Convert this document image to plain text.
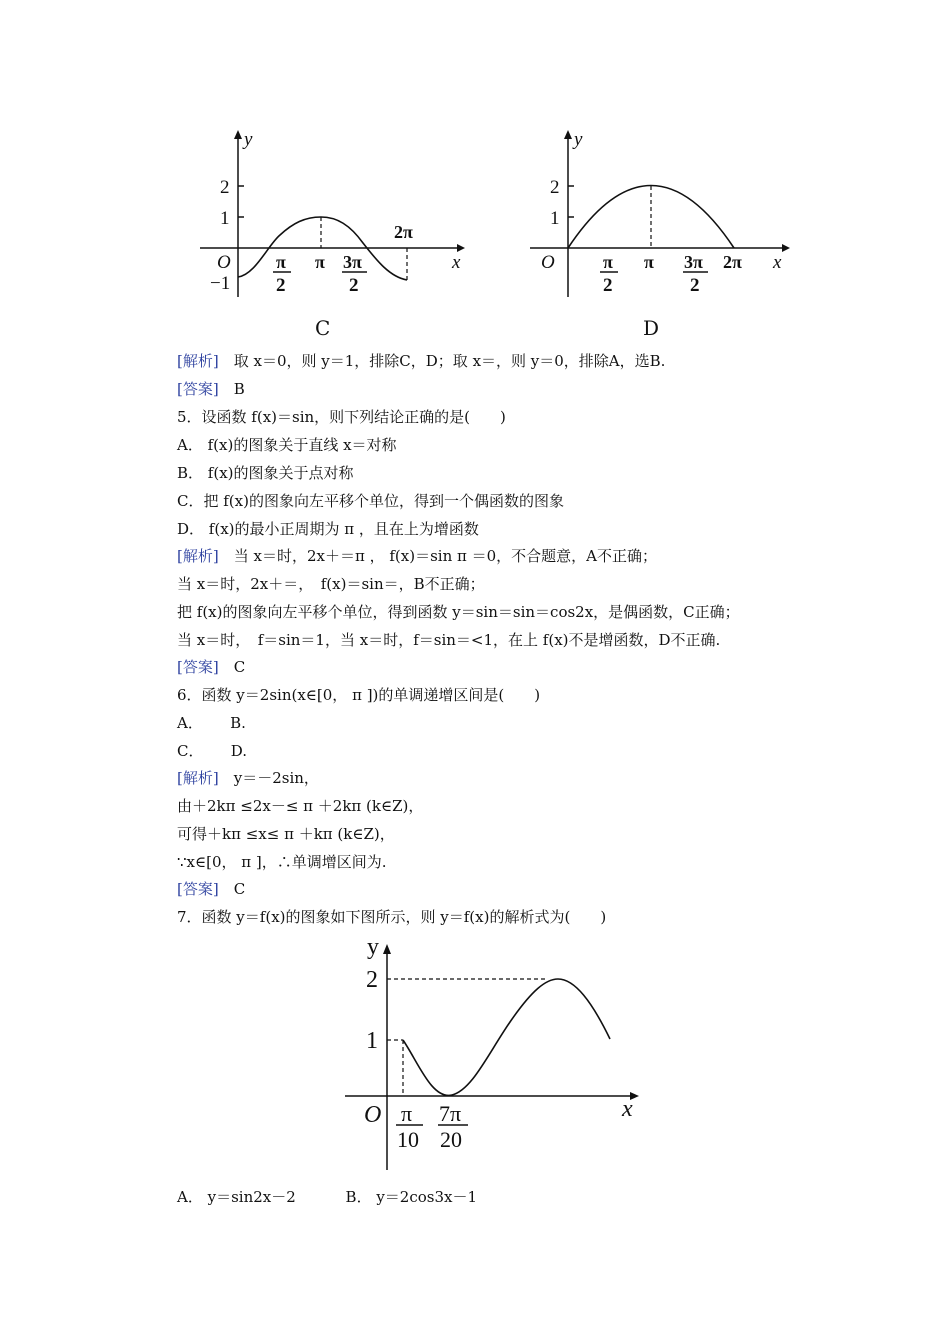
y
2
1
−1
O	x
π
2
π 3π
2
2π
C
y
2
1
O	x
π
2
π 3π
2
2π
D
[解析]　 取 x＝0，则 y＝1，排除C，D；取 x＝，则 y＝0，排除A，选B.
[答案]　 B
5．设函数 f(x)＝sin，则下列结论正确的是(　　)
A． f(x)的图象关于直线 x＝对称
B． f(x)的图象关于点对称
C．把 f(x)的图象向左平移个单位，得到一个偶函数的图象
D． f(x)的最小正周期为 π ，且在上为增函数
[解析]　 当 x＝时，2x＋＝π ， f(x)＝sin π ＝0，不合题意，A不正确；
当 x＝时，2x＋＝，　f(x)＝sin＝，B不正确；
把 f(x)的图象向左平移个单位，得到函数 y＝sin＝sin＝cos2x，是偶函数，C正确；
当 x＝时，　f＝sin＝1，当 x＝时，f＝sin＝<1，在上 f(x)不是增函数，D不正确.
[答案]　 C
6．函数 y＝2sin(x∈[0， π ])的单调递增区间是(　　)
A．　　 B.
C．　　 D.
[解析]　 y＝－2sin，
由＋2kπ ≤2x－≤ π ＋2kπ (k∈Z)，
可得＋kπ ≤x≤ π ＋kπ (k∈Z)，
∵x∈[0， π ]，∴单调增区间为.
[答案]　 C
7．函数 y＝f(x)的图象如下图所示，则 y＝f(x)的解析式为(　　)
y
2
1
O	x
π
10
7π
20
A． y＝sin2x－2　　　 B． y＝2cos3x－1
